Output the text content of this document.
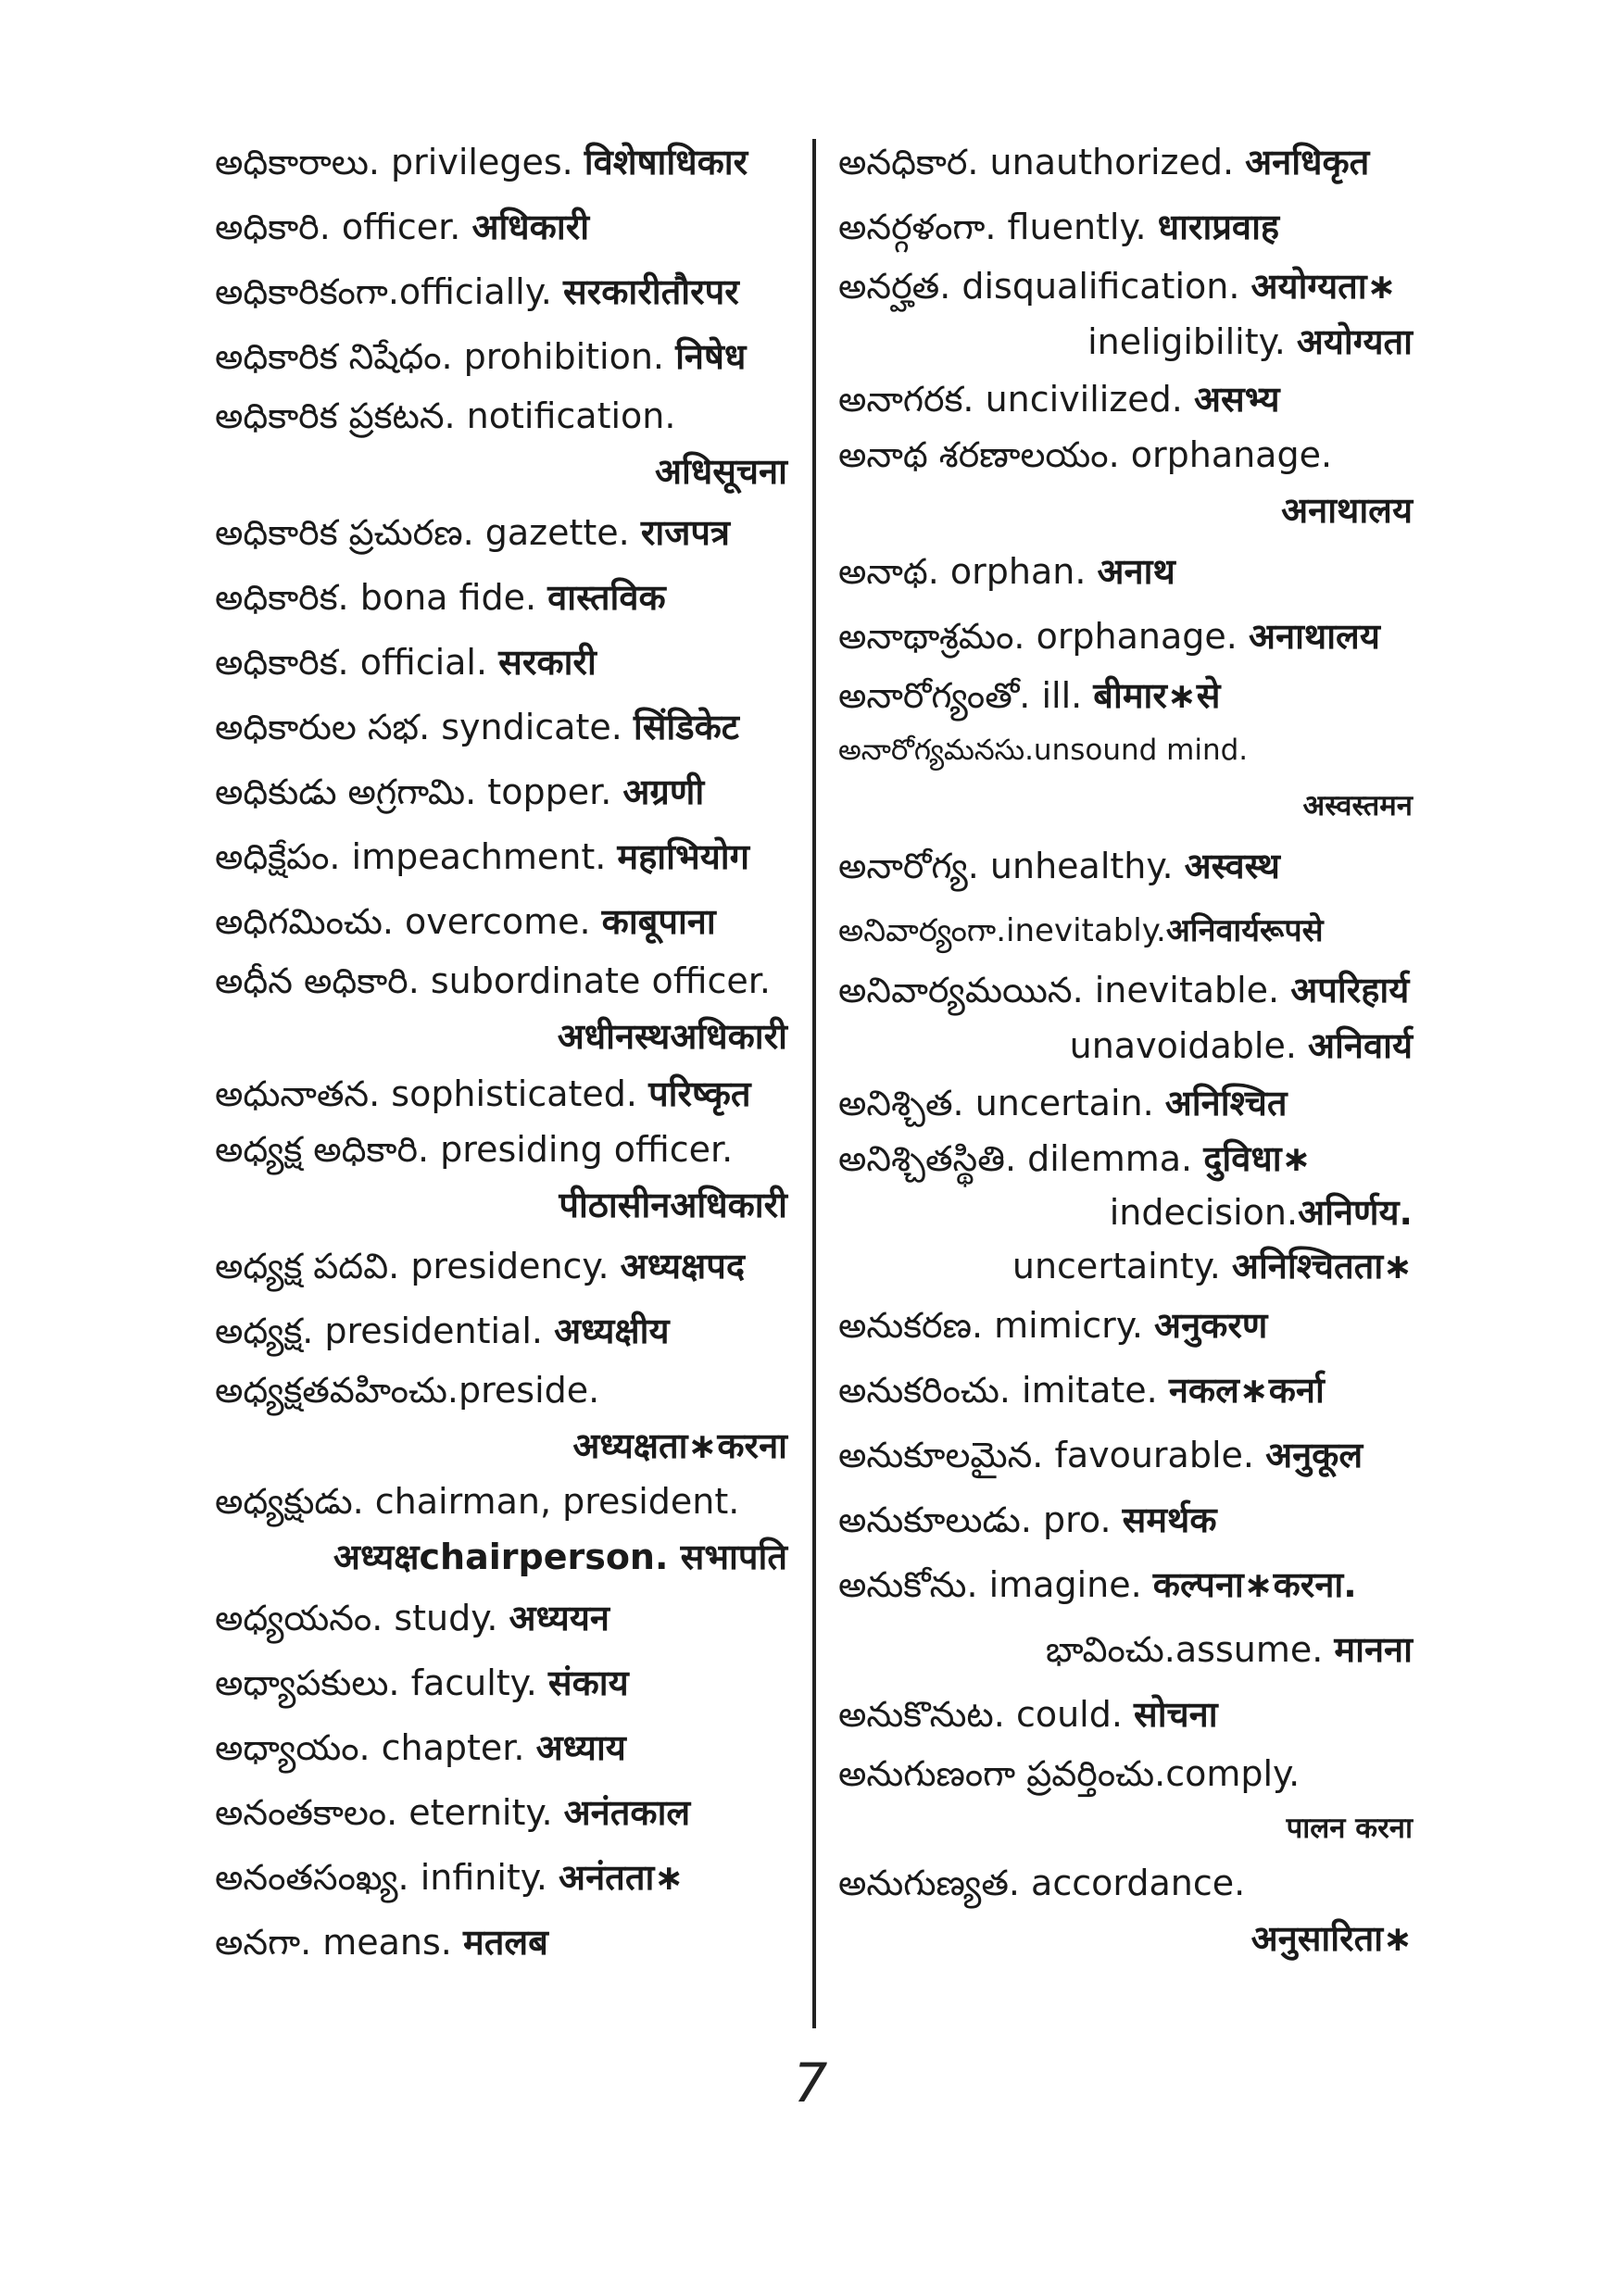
అధికారాలు. privileges. विशेषाधिकार
అధికారి. officer. अधिकारी
అధికారికంగా.officially. सरकारीतौरपर
అధికారిక నిషేధం. prohibition. निषेध
అధికారిక ప్రకటన. notification.
अधिसूचना
అధికారిక ప్రచురణ. gazette. राजपत्र
అధికారిక. bona fide. वास्तविक
అధికారిక. official. सरकारी
అధికారుల సభ. syndicate. सिंडिकेट
అధికుడు అగ్రగామి. topper. अग्रणी
అధిక్షేపం. impeachment. महाभियोग
అధిగమించు. overcome. काबूपाना
అధీన అధికారి. subordinate officer.
अधीनस्थअधिकारी
అధునాతన. sophisticated. परिष्कृत
అధ్యక్ష అధికారి. presiding officer.
पीठासीनअधिकारी
అధ్యక్ష పదవి. presidency. अध्यक्षपद
అధ్యక్ష. presidential. अध्यक्षीय
అధ్యక్షతవహించు.preside.
अध्यक्षता∗करना
అధ్యక్షుడు. chairman, president.
अध्यक्षchairperson. सभापति
అధ్యయనం. study. अध्ययन
అధ్యాపకులు. faculty. संकाय
అధ్యాయం. chapter. अध्याय
అనంతకాలం. eternity. अनंतकाल
అనంతసంఖ్య. infinity. अनंतता∗
అనగా. means. मतलब
అనధికార. unauthorized. अनधिकृत
అనర్గళంగా. fluently. धाराप्रवाह
అనర్హత. disqualification. अयोग्यता∗
ineligibility. अयोग्यता
అనాగరక. uncivilized. असभ्य
అనాథ శరణాలయం. orphanage.
अनाथालय
అనాథ. orphan. अनाथ
అనాథాశ్రమం. orphanage. अनाथालय
అనారోగ్యంతో. ill. बीमार∗से
అనారోగ్యమనసు.unsound mind.
अस्वस्तमन
అనారోగ్య. unhealthy. अस्वस्थ
అనివార్యంగా.inevitably.अनिवार्यरूपसे
అనివార్యమయిన. inevitable. अपरिहार्य
unavoidable. अनिवार्य
అనిశ్చిత. uncertain. अनिश्चित
అనిశ్చితస్థితి. dilemma. दुविधा∗
indecision.अनिर्णय.
uncertainty. अनिश्चितता∗
అనుకరణ. mimicry. अनुकरण
అనుకరించు. imitate. नकल∗कर्ना
అనుకూలమైన. favourable. अनुकूल
అనుకూలుడు. pro. समर्थक
అనుకోను. imagine. कल्पना∗करना.
భావించు.assume. मानना
అనుకొనుట. could. सोचना
అనుగుణంగా ప్రవర్తించు.comply.
पालन करना
అనుగుణ్యత. accordance.
अनुसारिता∗
7
